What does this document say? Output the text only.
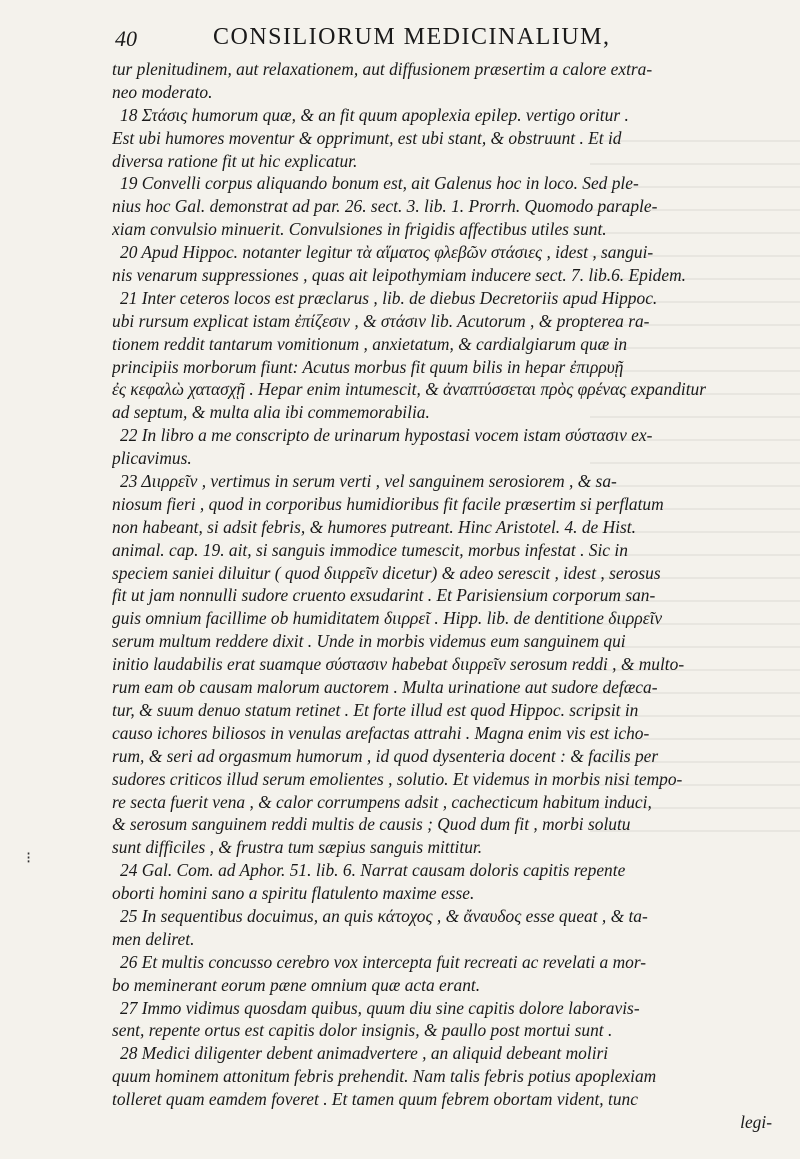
40	CONSILIORUM MEDICINALIUM,
⁝
tur plenitudinem, aut relaxationem, aut diffusionem præsertim a calore extra-
neo moderato.
18 Στάσις humorum quæ, & an fit quum apoplexia epilep. vertigo oritur .
Est ubi humores moventur & opprimunt, est ubi stant, & obstruunt . Et id
diversa ratione fit ut hic explicatur.
19 Convelli corpus aliquando bonum est, ait Galenus hoc in loco. Sed ple-
nius hoc Gal. demonstrat ad par. 26. sect. 3. lib. 1. Prorrh. Quomodo paraple-
xiam convulsio minuerit. Convulsiones in frigidis affectibus utiles sunt.
20 Apud Hippoc. notanter legitur τὰ αἵματος φλεβῶν στάσιες , idest , sangui-
nis venarum suppressiones , quas ait leipothymiam inducere sect. 7. lib.6. Epidem.
21 Inter ceteros locos est præclarus , lib. de diebus Decretoriis apud Hippoc.
ubi rursum explicat istam ἐπίζεσιν , & στάσιν lib. Acutorum , & propterea ra-
tionem reddit tantarum vomitionum , anxietatum, & cardialgiarum quæ in
principiis morborum fiunt: Acutus morbus fit quum bilis in hepar ἐπιρρυῇ
ἐς κεφαλὼ χατασχῇ . Hepar enim intumescit, & ἀναπτύσσεται πρὸς φρένας expanditur
ad septum, & multa alia ibi commemorabilia.
22 In libro a me conscripto de urinarum hypostasi vocem istam σύστασιν ex-
plicavimus.
23 Διιρρεῖν , vertimus in serum verti , vel sanguinem serosiorem , & sa-
niosum fieri , quod in corporibus humidioribus fit facile præsertim si perflatum
non habeant, si adsit febris, & humores putreant. Hinc Aristotel. 4. de Hist.
animal. cap. 19. ait, si sanguis immodice tumescit, morbus infestat . Sic in
speciem saniei diluitur ( quod διιρρεῖν dicetur) & adeo serescit , idest , serosus
fit ut jam nonnulli sudore cruento exsudarint . Et Parisiensium corporum san-
guis omnium facillime ob humiditatem διιρρεῖ . Hipp. lib. de dentitione διιρρεῖν
serum multum reddere dixit . Unde in morbis videmus eum sanguinem qui
initio laudabilis erat suamque σύστασιν habebat διιρρεῖν serosum reddi , & multo-
rum eam ob causam malorum auctorem . Multa urinatione aut sudore defæca-
tur, & suum denuo statum retinet . Et forte illud est quod Hippoc. scripsit in
causo ichores biliosos in venulas arefactas attrahi . Magna enim vis est icho-
rum, & seri ad orgasmum humorum , id quod dysenteria docent : & facilis per
sudores criticos illud serum emolientes , solutio. Et videmus in morbis nisi tempo-
re secta fuerit vena , & calor corrumpens adsit , cachecticum habitum induci,
& serosum sanguinem reddi multis de causis ; Quod dum fit , morbi solutu
sunt difficiles , & frustra tum sæpius sanguis mittitur.
24 Gal. Com. ad Aphor. 51. lib. 6. Narrat causam doloris capitis repente
oborti homini sano a spiritu flatulento maxime esse.
25 In sequentibus docuimus, an quis κάτοχος , & ἄναυδος esse queat , & ta-
men deliret.
26 Et multis concusso cerebro vox intercepta fuit recreati ac revelati a mor-
bo meminerant eorum pæne omnium quæ acta erant.
27 Immo vidimus quosdam quibus, quum diu sine capitis dolore laboravis-
sent, repente ortus est capitis dolor insignis, & paullo post mortui sunt .
28 Medici diligenter debent animadvertere , an aliquid debeant moliri
quum hominem attonitum febris prehendit. Nam talis febris potius apoplexiam
tolleret quam eamdem foveret . Et tamen quum febrem obortam vident, tunc
legi-
